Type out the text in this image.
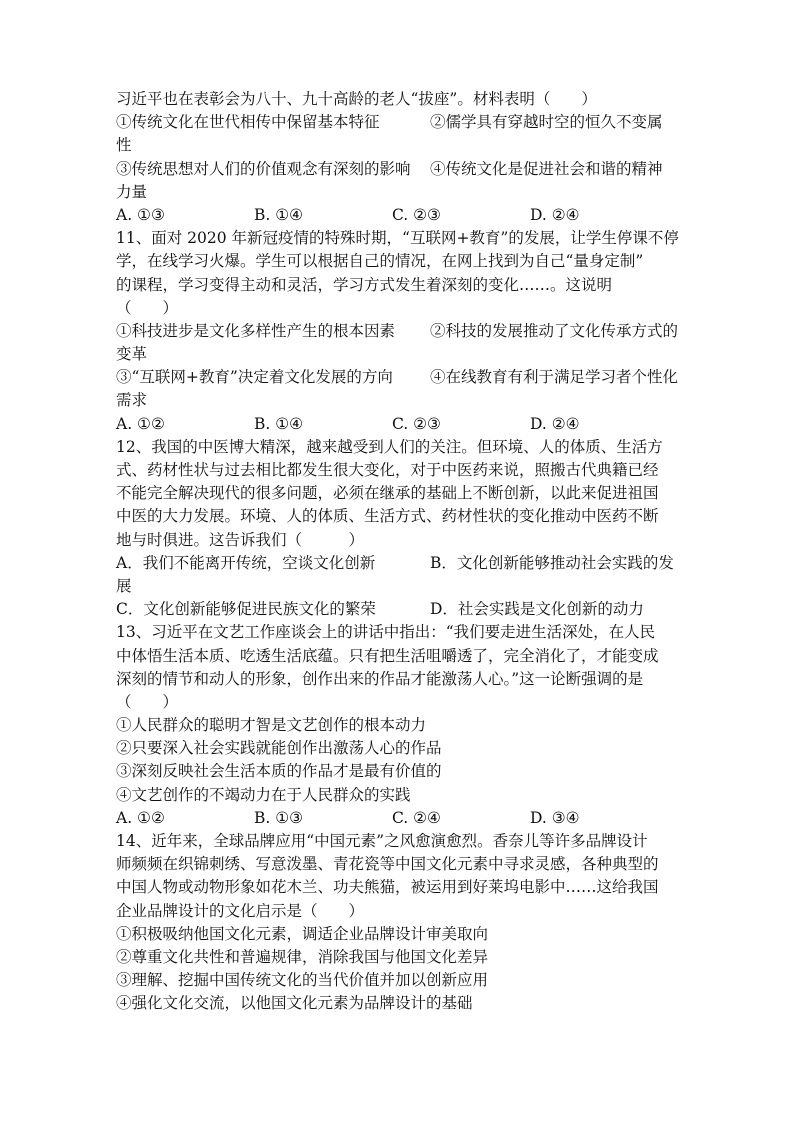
习近平也在表彰会为八十、九十高龄的老人“拔座”。材料表明（　　）
①传统文化在世代相传中保留基本特征	②儒学具有穿越时空的恒久不变属
性
③传统思想对人们的价值观念有深刻的影响	④传统文化是促进社会和谐的精神
力量
A. ①③	B. ①④	C. ②③	D. ②④
11、面对 2020 年新冠疫情的特殊时期，“互联网+教育”的发展，让学生停课不停
学，在线学习火爆。学生可以根据自己的情况，在网上找到为自己“量身定制”
的课程，学习变得主动和灵活，学习方式发生着深刻的变化……。这说明
（　　）
①科技进步是文化多样性产生的根本因素	②科技的发展推动了文化传承方式的
变革
③“互联网+教育”决定着文化发展的方向	④在线教育有利于满足学习者个性化
需求
A. ①②	B. ①④	C. ②③	D. ②④
12、我国的中医博大精深，越来越受到人们的关注。但环境、人的体质、生活方
式、药材性状与过去相比都发生很大变化，对于中医药来说，照搬古代典籍已经
不能完全解决现代的很多问题，必须在继承的基础上不断创新，以此来促进祖国
中医的大力发展。环境、人的体质、生活方式、药材性状的变化推动中医药不断
地与时俱进。这告诉我们（　　　）
A．我们不能离开传统，空谈文化创新	B．文化创新能够推动社会实践的发
展
C．文化创新能够促进民族文化的繁荣	D．社会实践是文化创新的动力
13、习近平在文艺工作座谈会上的讲话中指出：“我们要走进生活深处，在人民
中体悟生活本质、吃透生活底蕴。只有把生活咀嚼透了，完全消化了，才能变成
深刻的情节和动人的形象，创作出来的作品才能激荡人心。”这一论断强调的是
（　　）
①人民群众的聪明才智是文艺创作的根本动力
②只要深入社会实践就能创作出激荡人心的作品
③深刻反映社会生活本质的作品才是最有价值的
④文艺创作的不竭动力在于人民群众的实践
A. ①②	B. ①③	C. ②④	D. ③④
14、近年来，全球品牌应用“中国元素”之风愈演愈烈。香奈儿等许多品牌设计
师频频在织锦刺绣、写意泼墨、青花瓷等中国文化元素中寻求灵感，各种典型的
中国人物或动物形象如花木兰、功夫熊猫，被运用到好莱坞电影中……这给我国
企业品牌设计的文化启示是（　　）
①积极吸纳他国文化元素，调适企业品牌设计审美取向
②尊重文化共性和普遍规律，消除我国与他国文化差异
③理解、挖掘中国传统文化的当代价值并加以创新应用
④强化文化交流，以他国文化元素为品牌设计的基础
